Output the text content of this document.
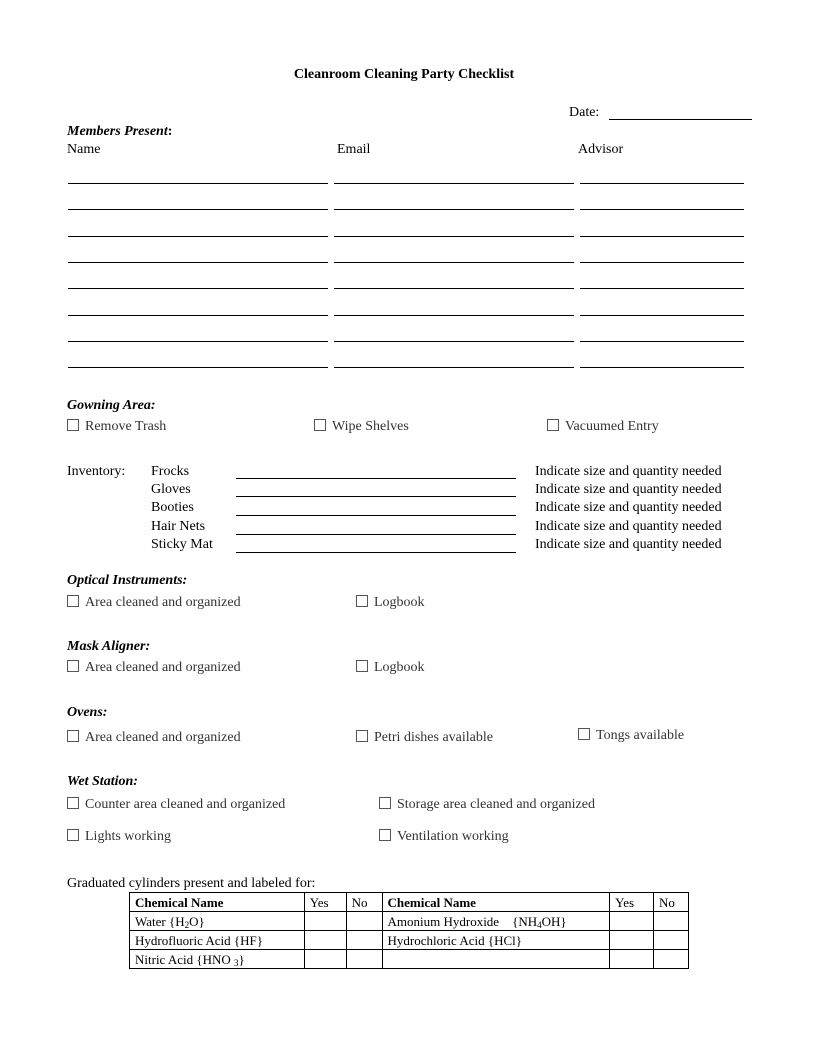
Cleanroom Cleaning Party Checklist
Date:
Members Present:
Name	Email	Advisor
Gowning Area:
Remove Trash	Wipe Shelves	Vacuumed Entry
Inventory: Frocks	Indicate size and quantity needed
Gloves	Indicate size and quantity needed
Booties	Indicate size and quantity needed
Hair Nets	Indicate size and quantity needed
Sticky Mat	Indicate size and quantity needed
Optical Instruments:
Area cleaned and organized	Logbook
Mask Aligner:
Area cleaned and organized	Logbook
Ovens:
Area cleaned and organized	Petri dishes available	Tongs available
Wet Station:
Counter area cleaned and organized	Storage area cleaned and organized
Lights working	Ventilation working
Graduated cylinders present and labeled for:
Chemical Name	Yes	No	Chemical Name	Yes	No
Water $\{H_2O\}$			Amonium Hydroxide    $\{NH_4OH\}$		
Hydrofluoric Acid {HF}			Hydrochloric Acid {HCl}		
Nitric Acid {HNO $_3$}					
